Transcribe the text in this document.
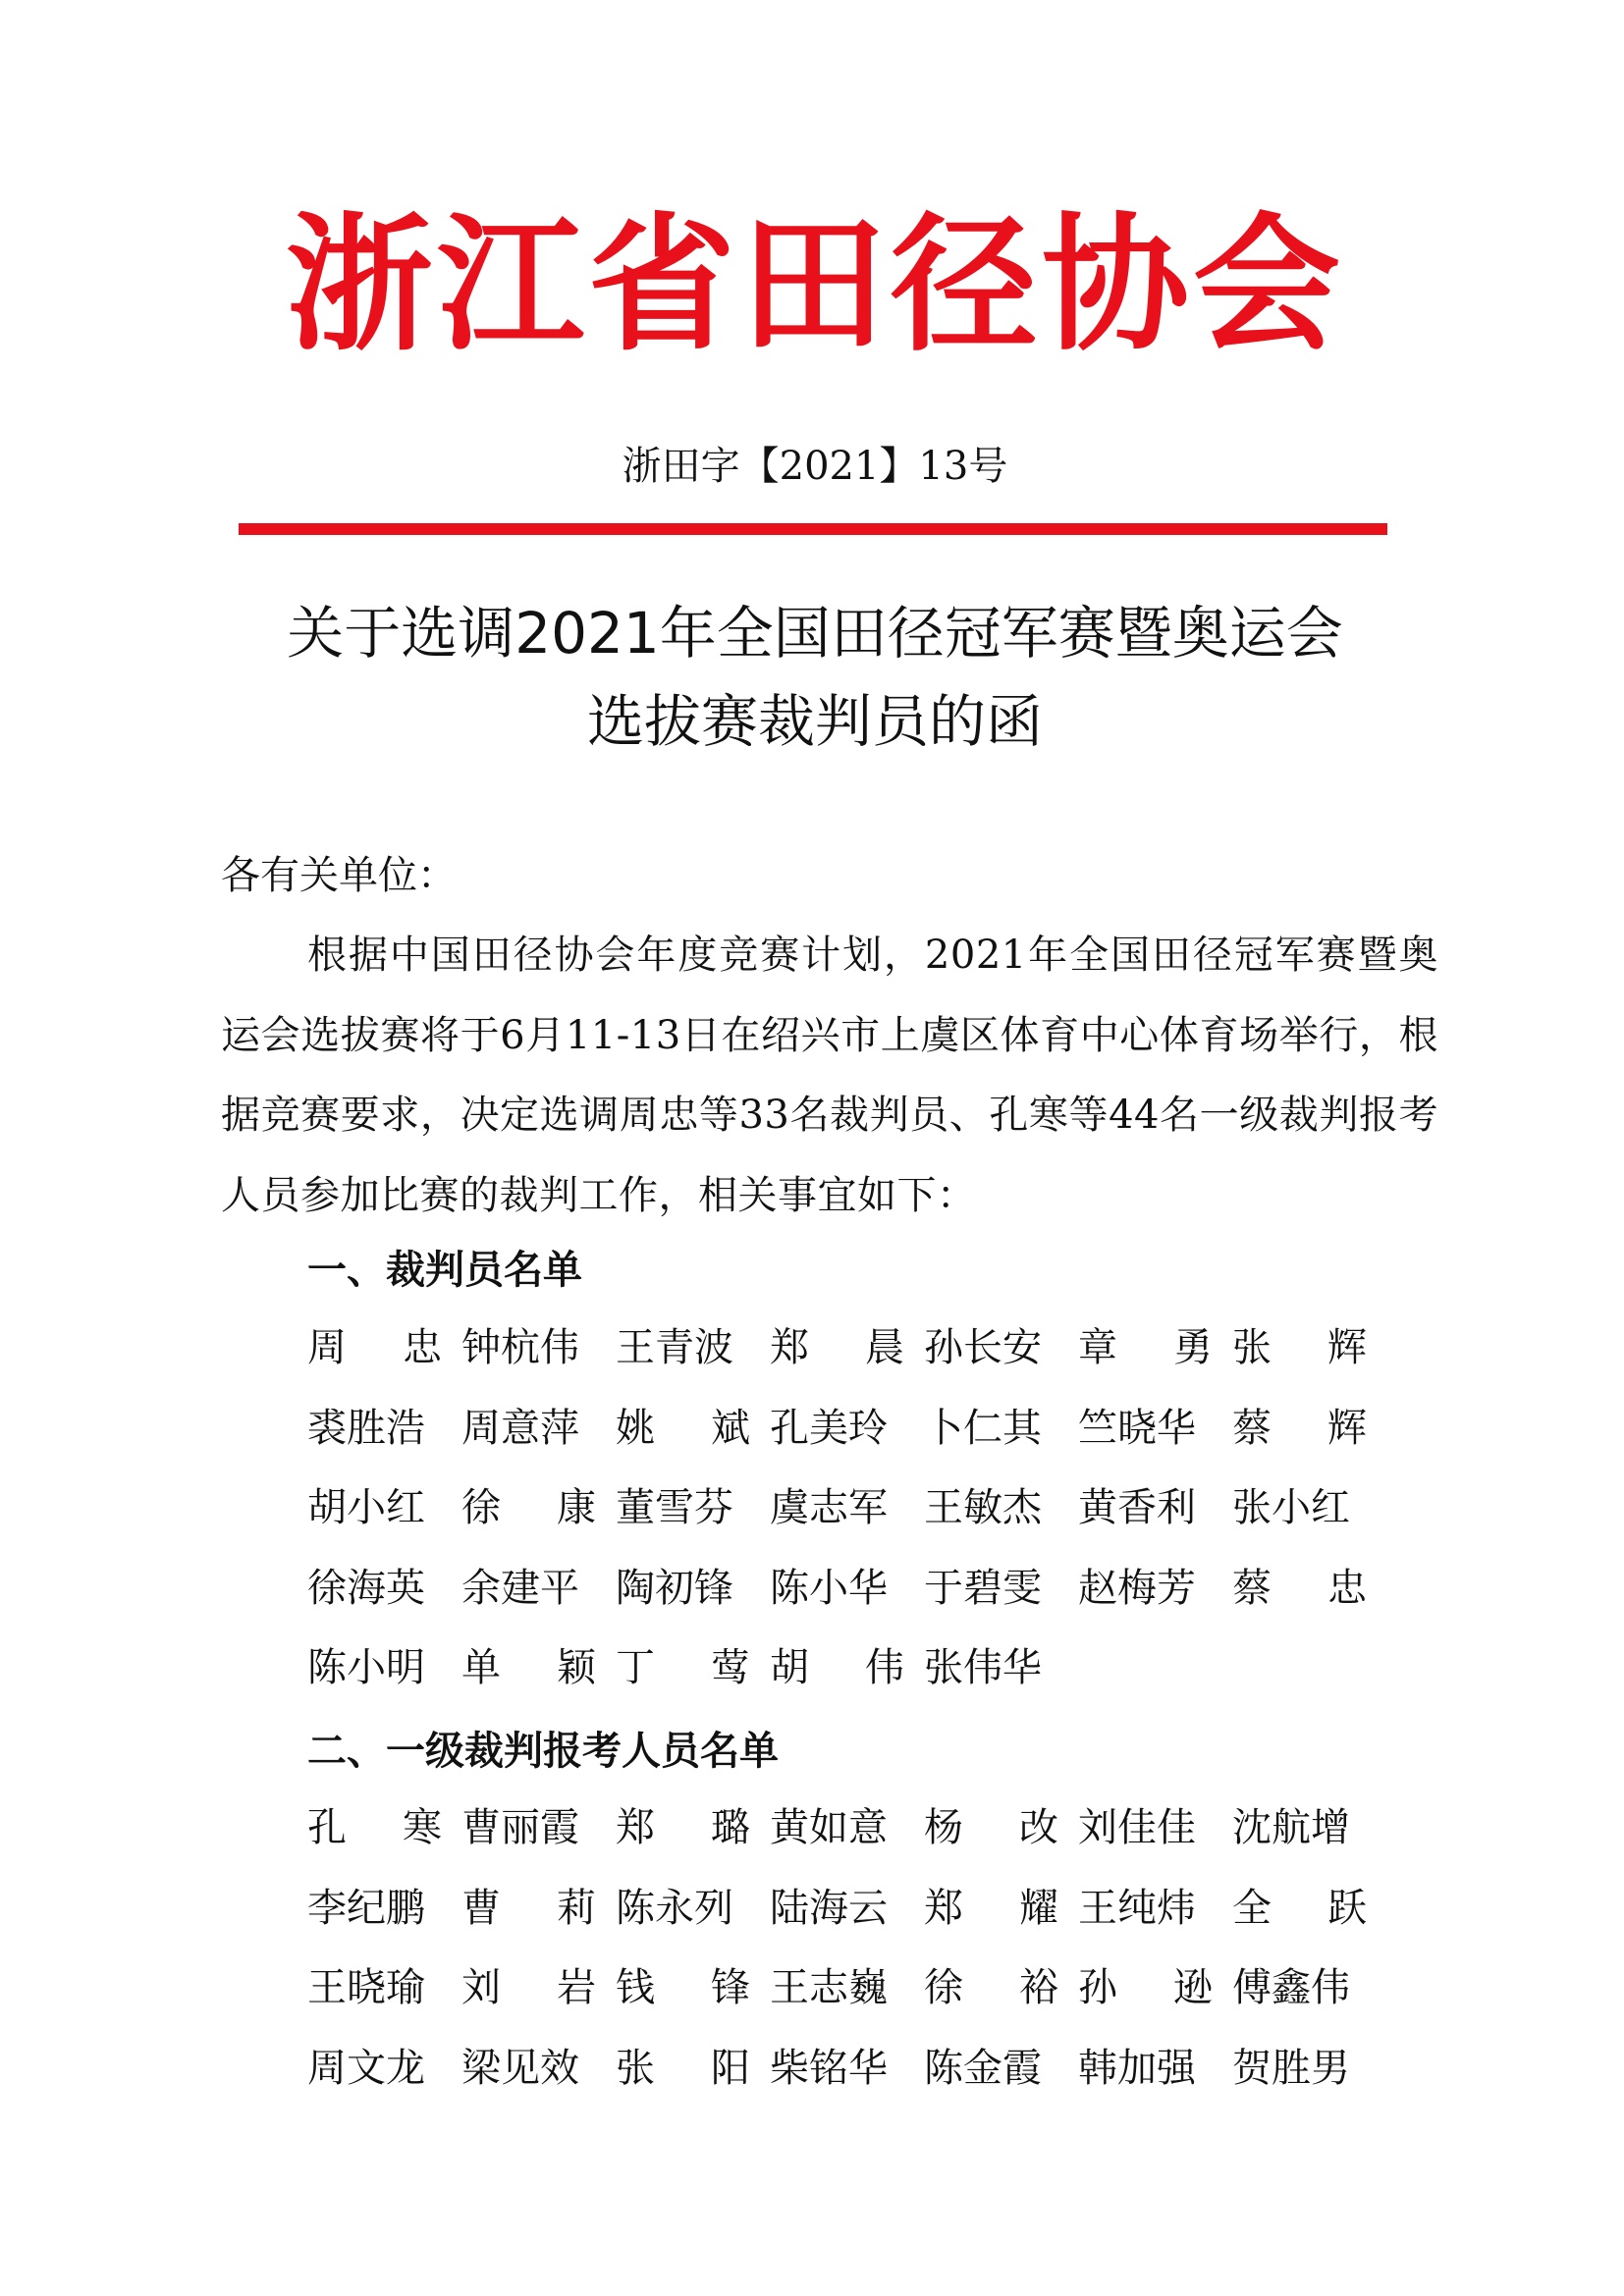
浙江省田径协会
浙田字【2021】13号
关于选调2021年全国田径冠军赛暨奥运会
选拔赛裁判员的函
各有关单位：
根据中国田径协会年度竞赛计划，2021年全国田径冠军赛暨奥运会选拔赛将于6月11-13日在绍兴市上虞区体育中心体育场举行，根据竞赛要求，决定选调周忠等33名裁判员、孔寒等44名一级裁判报考人员参加比赛的裁判工作，相关事宜如下：
一、裁判员名单
周 忠 钟杭伟 王青波 郑 晨 孙长安 章 勇 张 辉
裘胜浩 周意萍 姚 斌 孔美玲 卜仁其 竺晓华 蔡 辉
胡小红 徐 康 董雪芬 虞志军 王敏杰 黄香利 张小红
徐海英 余建平 陶初锋 陈小华 于碧雯 赵梅芳 蔡 忠
陈小明 单 颖 丁 莺 胡 伟 张伟华
二、一级裁判报考人员名单
孔 寒 曹丽霞 郑 璐 黄如意 杨 改 刘佳佳 沈航增
李纪鹏 曹 莉 陈永列 陆海云 郑 耀 王纯炜 全 跃
王晓瑜 刘 岩 钱 锋 王志巍 徐 裕 孙 逊 傅鑫伟
周文龙 梁见效 张 阳 柴铭华 陈金霞 韩加强 贺胜男
